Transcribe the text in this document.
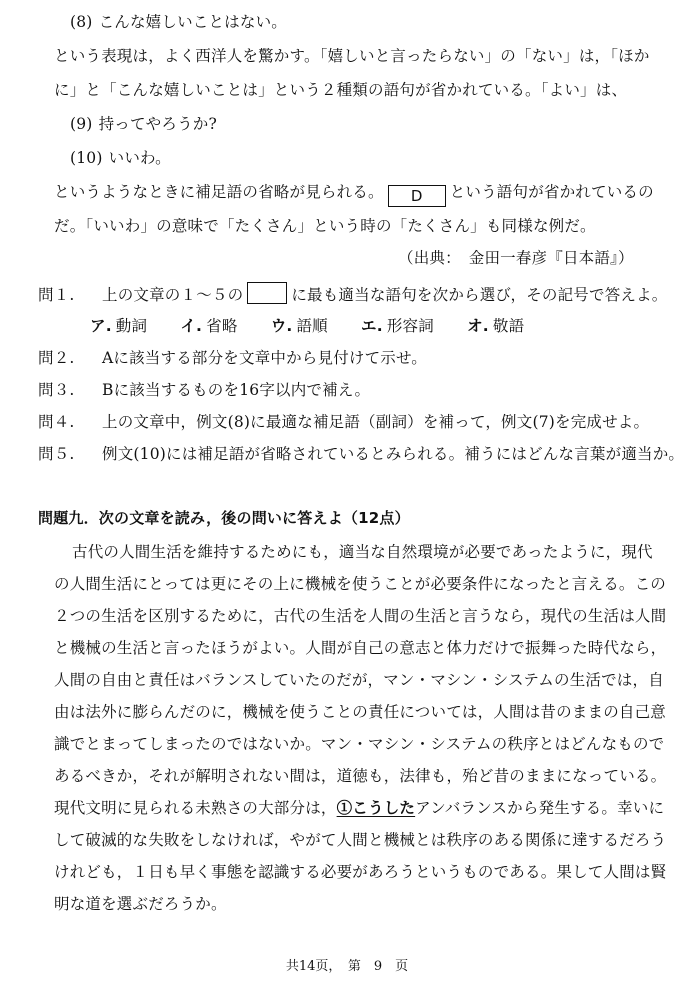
(8) こんな嬉しいことはない。
という表現は，よく西洋人を驚かす。「嬉しいと言ったらない」の「ない」は，「ほか
に」と「こんな嬉しいことは」という２種類の語句が省かれている。「よい」は、
(9) 持ってやろうか?
(10) いいわ。
というようなときに補足語の省略が見られる。 D という語句が省かれているの
だ。「いいわ」の意味で「たくさん」という時の「たくさん」も同様な例だ。
（出典：　金田一春彦『日本語』）
問１. 上の文章の１～５の	に最も適当な語句を次から選び，その記号で答えよ。
ア. 動詞 イ. 省略 ウ. 語順 エ. 形容詞 オ. 敬語
問２. Aに該当する部分を文章中から見付けて示せ。
問３. Bに該当するものを16字以内で補え。
問４. 上の文章中，例文(8)に最適な補足語（副詞）を補って，例文(7)を完成せよ。
問５. 例文(10)には補足語が省略されているとみられる。補うにはどんな言葉が適当か。
問題九．次の文章を読み，後の問いに答えよ（12点）
古代の人間生活を維持するためにも，適当な自然環境が必要であったように，現代
の人間生活にとっては更にその上に機械を使うことが必要条件になったと言える。この
２つの生活を区別するために，古代の生活を人間の生活と言うなら，現代の生活は人間
と機械の生活と言ったほうがよい。人間が自己の意志と体力だけで振舞った時代なら，
人間の自由と責任はバランスしていたのだが，マン・マシン・システムの生活では，自
由は法外に膨らんだのに，機械を使うことの責任については，人間は昔のままの自己意
識でとまってしまったのではないか。マン・マシン・システムの秩序とはどんなもので
あるべきか，それが解明されない間は，道徳も，法律も，殆ど昔のままになっている。
現代文明に見られる未熟さの大部分は，①こうしたアンバランスから発生する。幸いに
して破滅的な失敗をしなければ，やがて人間と機械とは秩序のある関係に達するだろう
けれども，１日も早く事態を認識する必要があろうというものである。果して人間は賢
明な道を選ぶだろうか。
共14页，　第　9　页
